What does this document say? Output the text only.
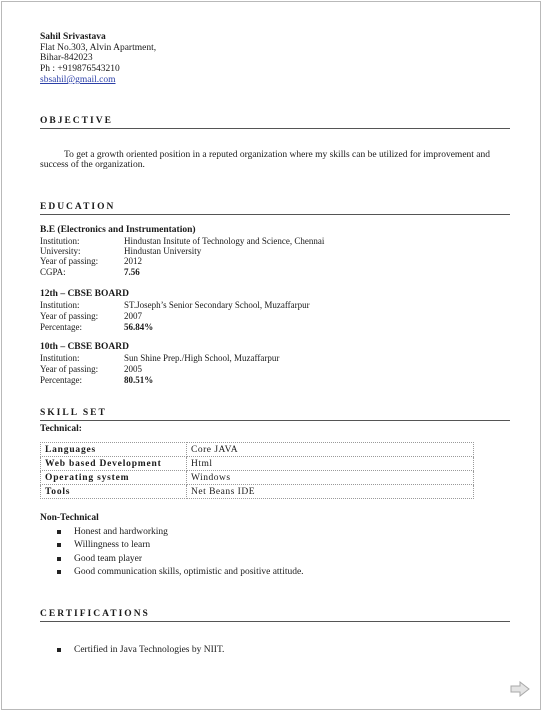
Sahil Srivastava
Flat No.303, Alvin Apartment,
Bihar-842023
Ph : +919876543210
sbsahil@gmail.com
OBJECTIVE
To get a growth oriented position in a reputed organization where my skills can be utilized for improvement and
success of the organization.
EDUCATION
B.E (Electronics and Instrumentation)
Institution:	Hindustan Insitute of Technology and Science, Chennai
University:	Hindustan University
Year of passing:	2012
CGPA:	7.56
12th – CBSE BOARD
Institution:	ST.Joseph’s Senior Secondary School, Muzaffarpur
Year of passing:	2007
Percentage:	56.84%
10th – CBSE BOARD
Institution:	Sun Shine Prep./High School, Muzaffarpur
Year of passing:	2005
Percentage:	80.51%
SKILL SET
Technical:
Languages	Core JAVA
Web based Development	Html
Operating system	Windows
Tools	Net Beans IDE
Non-Technical
Honest and hardworking
Willingness to learn
Good team player
Good communication skills, optimistic and positive attitude.
CERTIFICATIONS
Certified in Java Technologies by NIIT.
